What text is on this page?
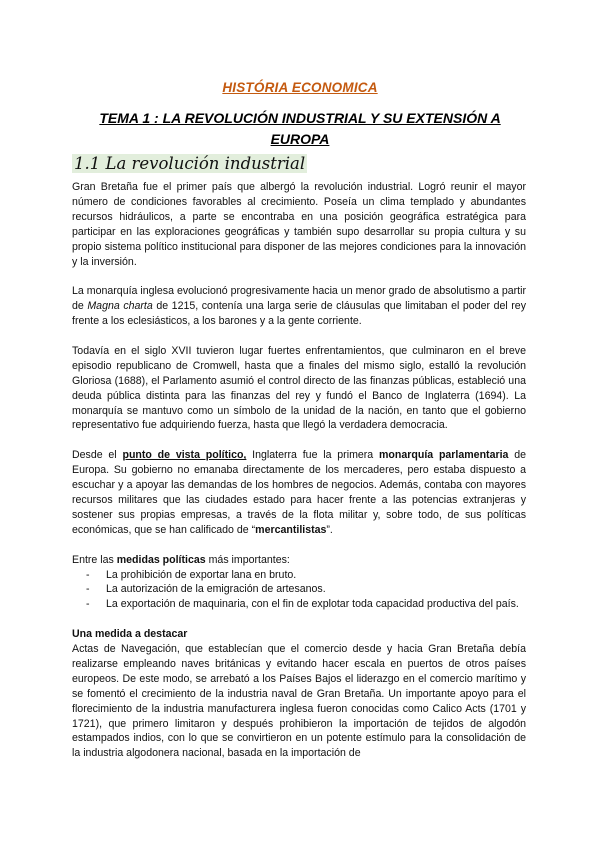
HISTÓRIA ECONOMICA
TEMA 1 : LA REVOLUCIÓN INDUSTRIAL Y SU EXTENSIÓN A EUROPA
1.1 La revolución industrial

Gran Bretaña fue el primer país que albergó la revolución industrial. Logró reunir el mayor número de condiciones favorables al crecimiento. Poseía un clima templado y abundantes recursos hidráulicos, a parte se encontraba en una posición geográfica estratégica para participar en las exploraciones geográficas y también supo desarrollar su propia cultura y su propio sistema político institucional para disponer de las mejores condiciones para la innovación y la inversión.

La monarquía inglesa evolucionó progresivamente hacia un menor grado de absolutismo a partir de Magna charta de 1215, contenía una larga serie de cláusulas que limitaban el poder del rey frente a los eclesiásticos, a los barones y a la gente corriente.

Todavía en el siglo XVII tuvieron lugar fuertes enfrentamientos, que culminaron en el breve episodio republicano de Cromwell, hasta que a finales del mismo siglo, estalló la revolución Gloriosa (1688), el Parlamento asumió el control directo de las finanzas públicas, estableció una deuda pública distinta para las finanzas del rey y fundó el Banco de Inglaterra (1694). La monarquía se mantuvo como un símbolo de la unidad de la nación, en tanto que el gobierno representativo fue adquiriendo fuerza, hasta que llegó la verdadera democracia.

Desde el punto de vista político, Inglaterra fue la primera monarquía parlamentaria de Europa. Su gobierno no emanaba directamente de los mercaderes, pero estaba dispuesto a escuchar y a apoyar las demandas de los hombres de negocios. Además, contaba con mayores recursos militares que las ciudades estado para hacer frente a las potencias extranjeras y sostener sus propias empresas, a través de la flota militar y, sobre todo, de sus políticas económicas, que se han calificado de “mercantilistas”.

Entre las medidas políticas más importantes:

- La prohibición de exportar lana en bruto.
- La autorización de la emigración de artesanos.
- La exportación de maquinaria, con el fin de explotar toda capacidad productiva del país.

Una medida a destacar

Actas de Navegación, que establecían que el comercio desde y hacia Gran Bretaña debía realizarse empleando naves británicas y evitando hacer escala en puertos de otros países europeos. De este modo, se arrebató a los Países Bajos el liderazgo en el comercio marítimo y se fomentó el crecimiento de la industria naval de Gran Bretaña. Un importante apoyo para el florecimiento de la industria manufacturera inglesa fueron conocidas como Calico Acts (1701 y 1721), que primero limitaron y después prohibieron la importación de tejidos de algodón estampados indios, con lo que se convirtieron en un potente estímulo para la consolidación de la industria algodonera nacional, basada en la importación de
